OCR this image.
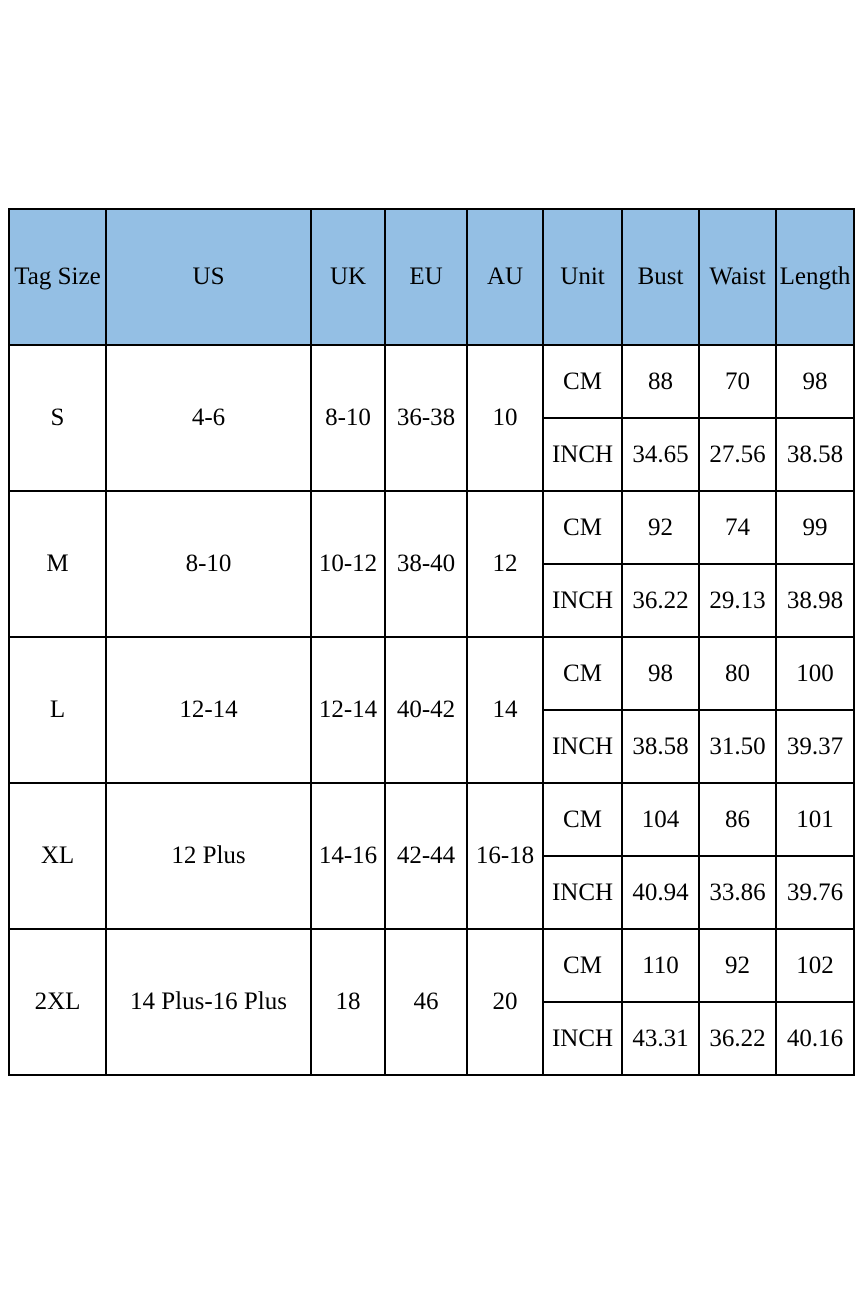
Tag Size	US	UK	EU	AU	Unit	Bust	Waist	Length
S	4-6	8-10	36-38	10	CM	88	70	98
					INCH	34.65	27.56	38.58
M	8-10	10-12	38-40	12	CM	92	74	99
					INCH	36.22	29.13	38.98
L	12-14	12-14	40-42	14	CM	98	80	100
					INCH	38.58	31.50	39.37
XL	12 Plus	14-16	42-44	16-18	CM	104	86	101
					INCH	40.94	33.86	39.76
2XL	14 Plus-16 Plus	18	46	20	CM	110	92	102
					INCH	43.31	36.22	40.16
